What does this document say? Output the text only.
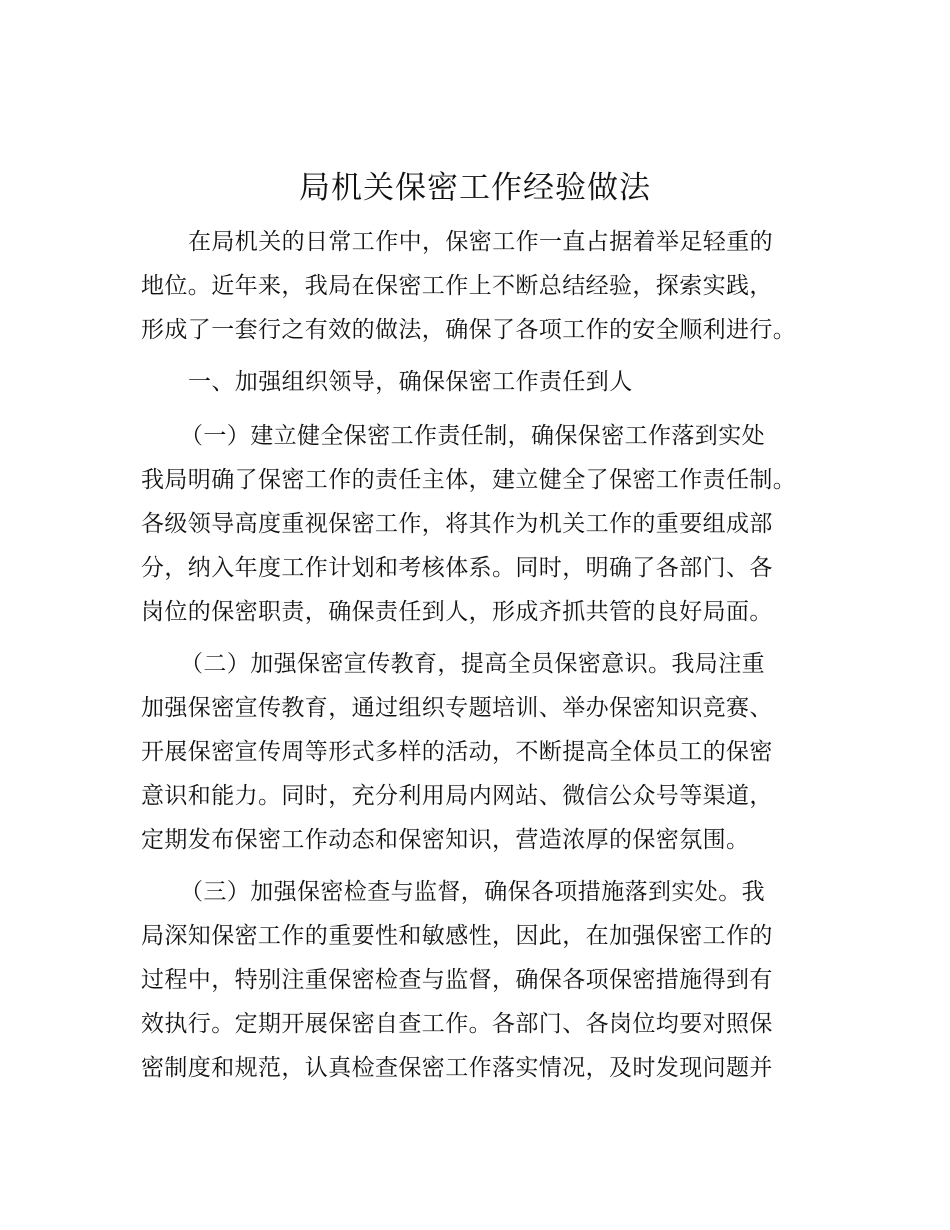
局机关保密工作经验做法
在局机关的日常工作中，保密工作一直占据着举足轻重的
地位。近年来，我局在保密工作上不断总结经验，探索实践，
形成了一套行之有效的做法，确保了各项工作的安全顺利进行。
一、加强组织领导，确保保密工作责任到人
（一）建立健全保密工作责任制，确保保密工作落到实处
我局明确了保密工作的责任主体，建立健全了保密工作责任制。
各级领导高度重视保密工作，将其作为机关工作的重要组成部
分，纳入年度工作计划和考核体系。同时，明确了各部门、各
岗位的保密职责，确保责任到人，形成齐抓共管的良好局面。
（二）加强保密宣传教育，提高全员保密意识。我局注重
加强保密宣传教育，通过组织专题培训、举办保密知识竞赛、
开展保密宣传周等形式多样的活动，不断提高全体员工的保密
意识和能力。同时，充分利用局内网站、微信公众号等渠道，
定期发布保密工作动态和保密知识，营造浓厚的保密氛围。
（三）加强保密检查与监督，确保各项措施落到实处。我
局深知保密工作的重要性和敏感性，因此，在加强保密工作的
过程中，特别注重保密检查与监督，确保各项保密措施得到有
效执行。定期开展保密自查工作。各部门、各岗位均要对照保
密制度和规范，认真检查保密工作落实情况，及时发现问题并
